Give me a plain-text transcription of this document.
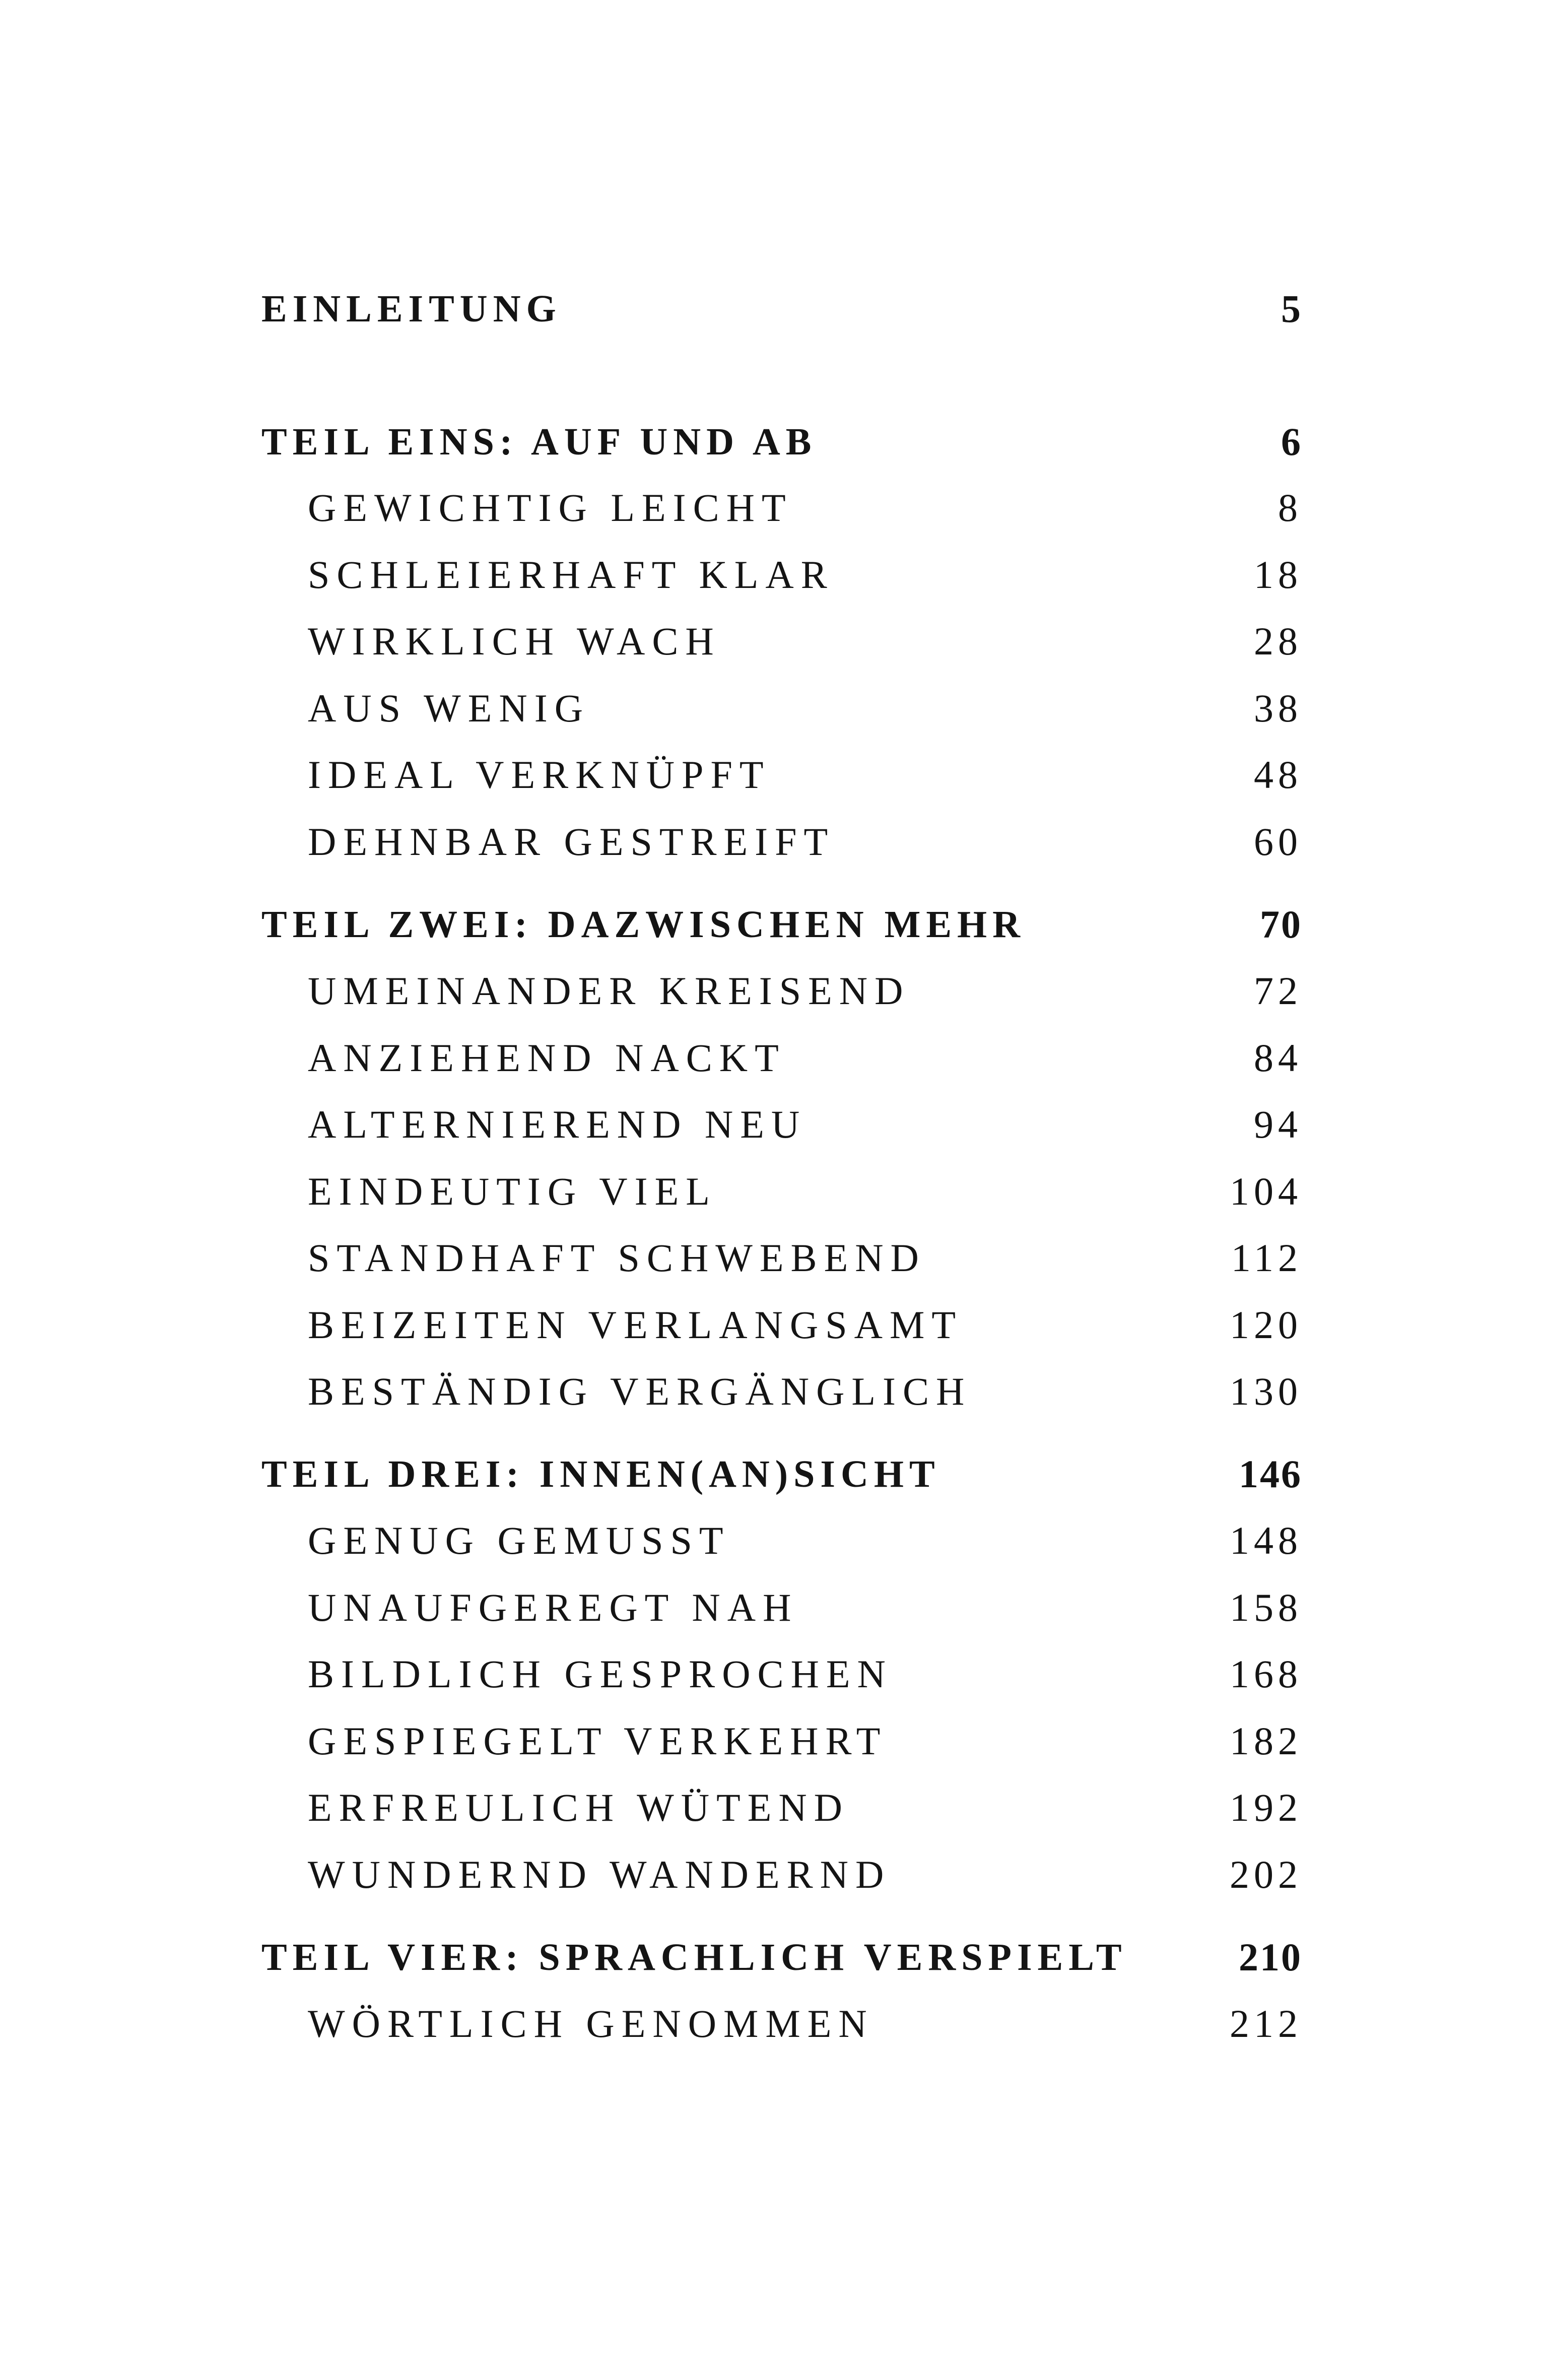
EINLEITUNG	5
TEIL EINS: AUF UND AB	6
GEWICHTIG LEICHT	8
SCHLEIERHAFT KLAR	18
WIRKLICH WACH	28
AUS WENIG	38
IDEAL VERKNÜPFT	48
DEHNBAR GESTREIFT	60
TEIL ZWEI: DAZWISCHEN MEHR	70
UMEINANDER KREISEND	72
ANZIEHEND NACKT	84
ALTERNIEREND NEU	94
EINDEUTIG VIEL	104
STANDHAFT SCHWEBEND	112
BEIZEITEN VERLANGSAMT	120
BESTÄNDIG VERGÄNGLICH	130
TEIL DREI: INNEN(AN)SICHT	146
GENUG GEMUSST	148
UNAUFGEREGT NAH	158
BILDLICH GESPROCHEN	168
GESPIEGELT VERKEHRT	182
ERFREULICH WÜTEND	192
WUNDERND WANDERND	202
TEIL VIER: SPRACHLICH VERSPIELT	210
WÖRTLICH GENOMMEN	212
